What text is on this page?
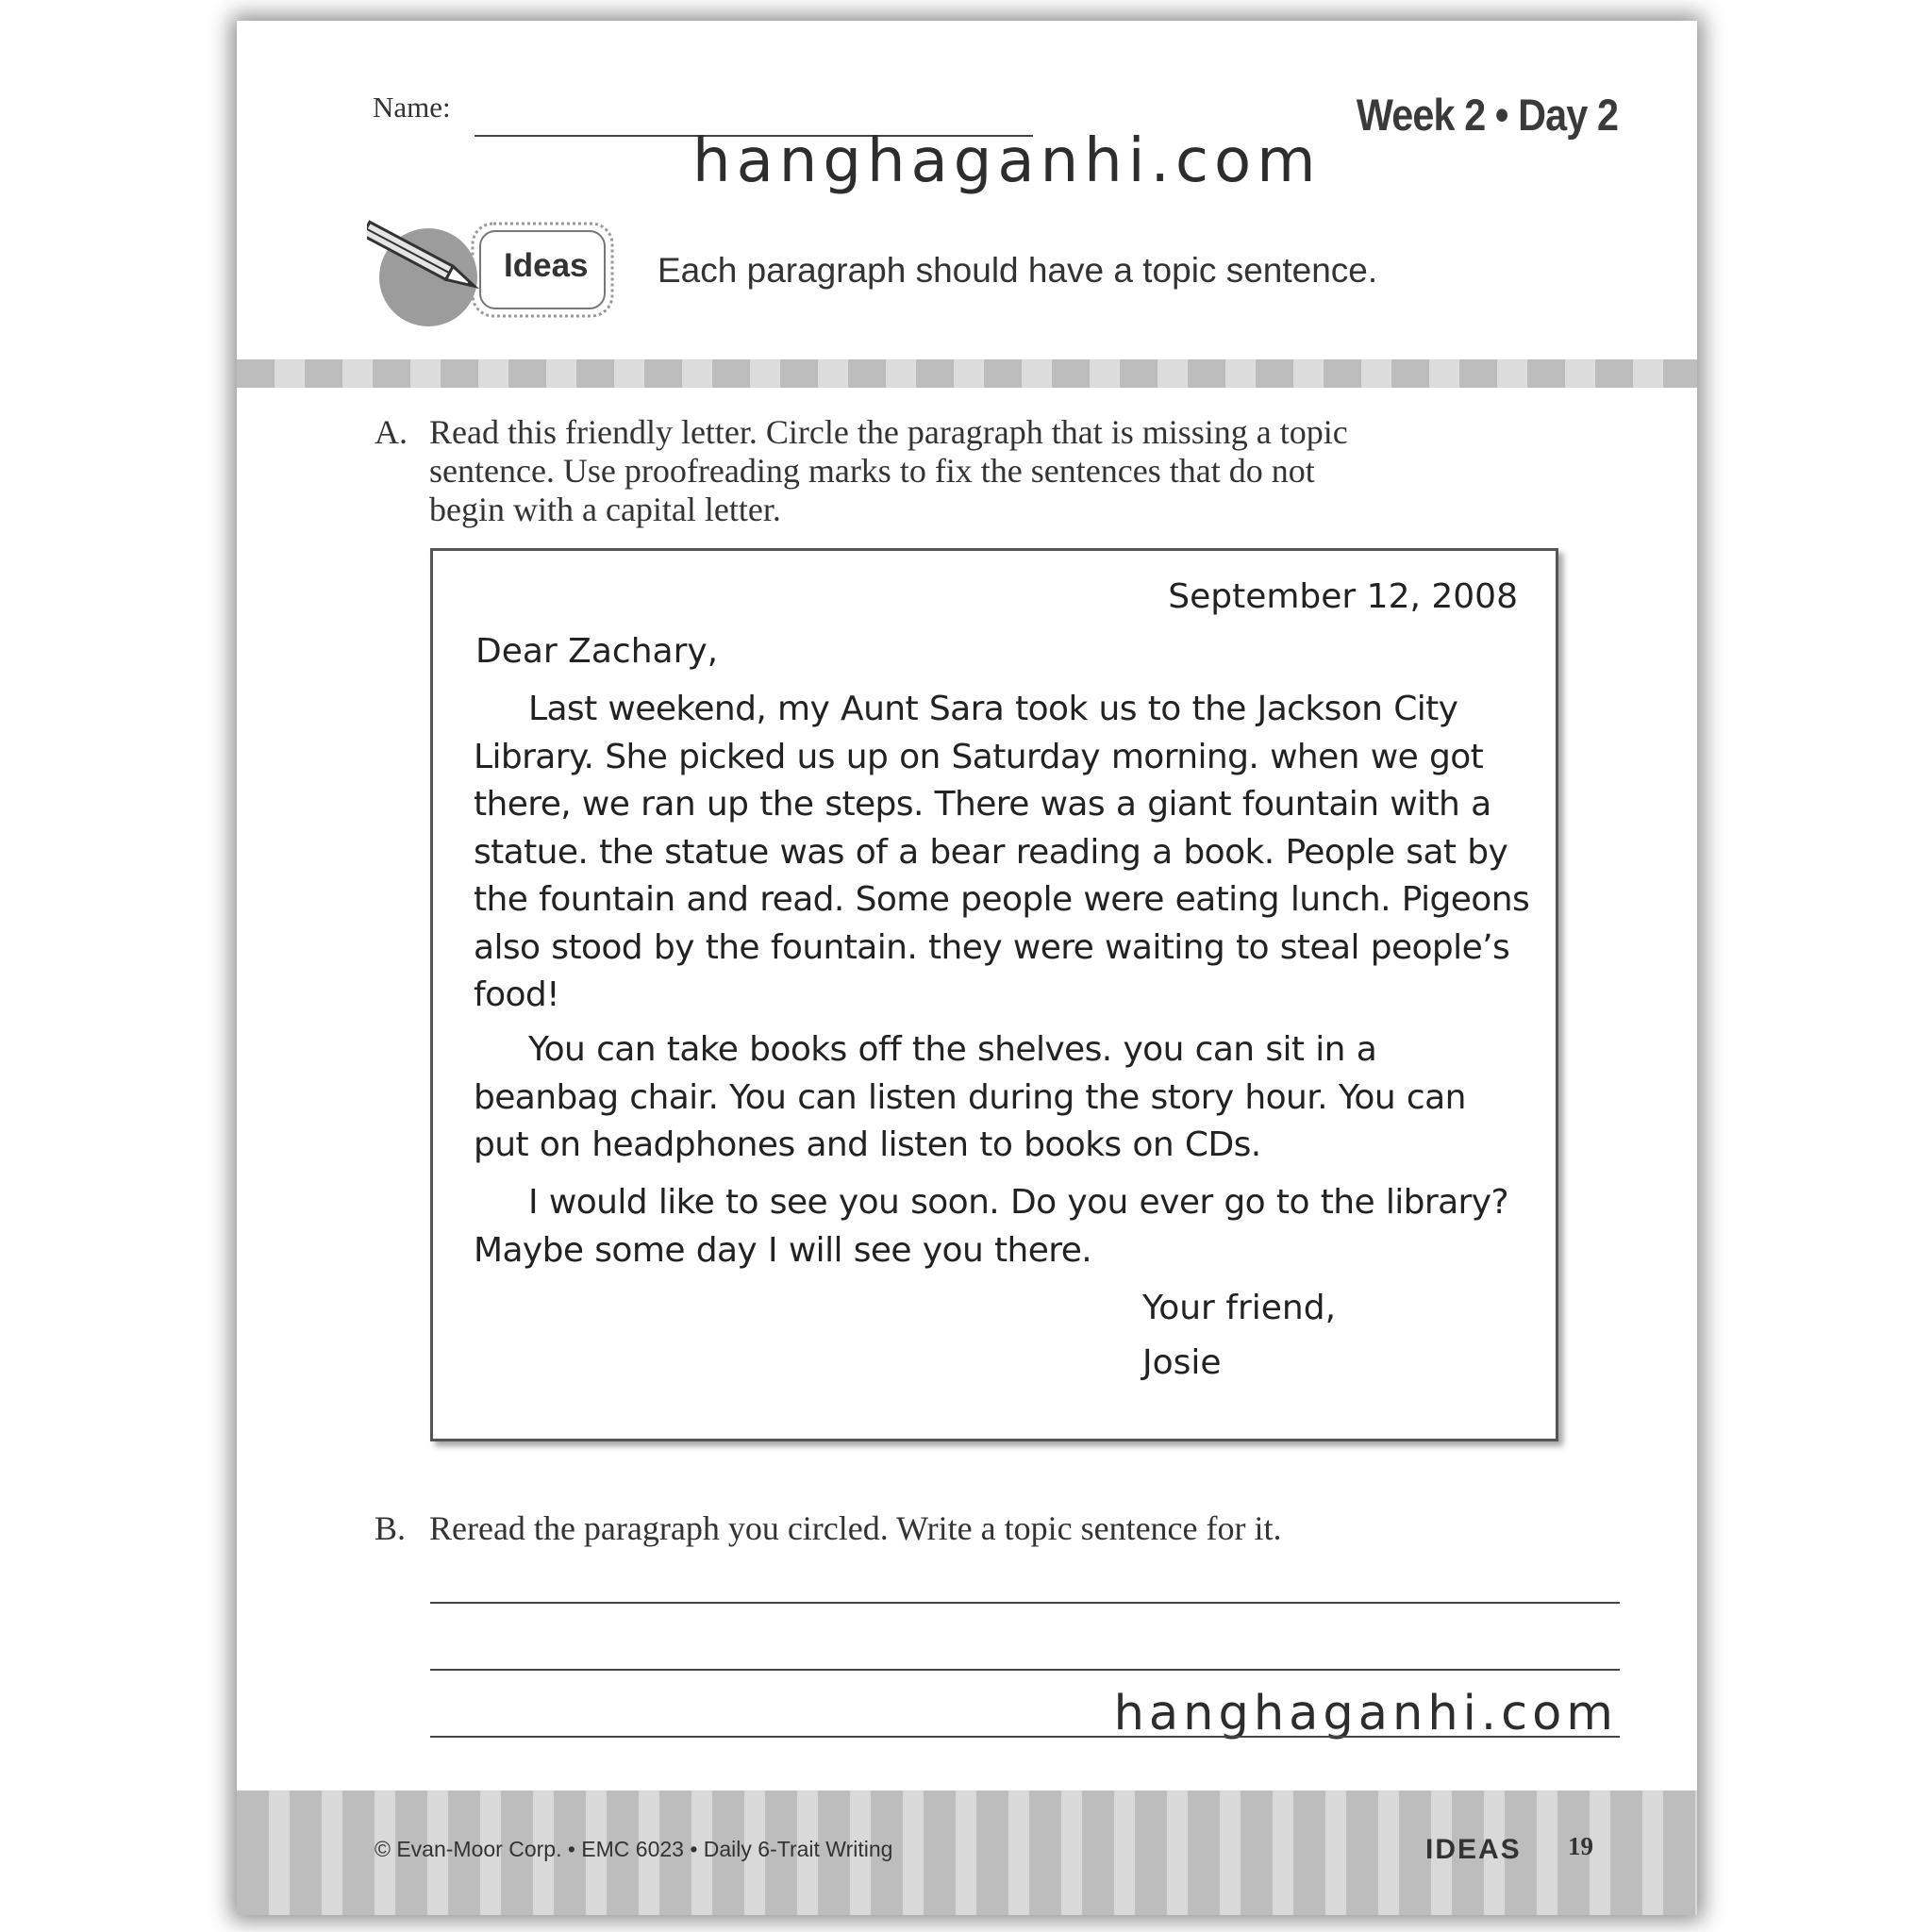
Name:	Week 2 • Day 2
hanghaganhi.com
Ideas Each paragraph should have a topic sentence.
A. Read this friendly letter. Circle the paragraph that is missing a topic sentence. Use proofreading marks to fix the sentences that do not begin with a capital letter.
September 12, 2008
Dear Zachary,

Last weekend, my Aunt Sara took us to the Jackson City Library. She picked us up on Saturday morning. when we got there, we ran up the steps. There was a giant fountain with a statue. the statue was of a bear reading a book. People sat by the fountain and read. Some people were eating lunch. Pigeons also stood by the fountain. they were waiting to steal people’s food!

You can take books off the shelves. you can sit in a beanbag chair. You can listen during the story hour. You can put on headphones and listen to books on CDs.

I would like to see you soon. Do you ever go to the library? Maybe some day I will see you there.

Your friend,
Josie
B. Reread the paragraph you circled. Write a topic sentence for it.
hanghaganhi.com
© Evan-Moor Corp. • EMC 6023 • Daily 6-Trait Writing	IDEAS 19
